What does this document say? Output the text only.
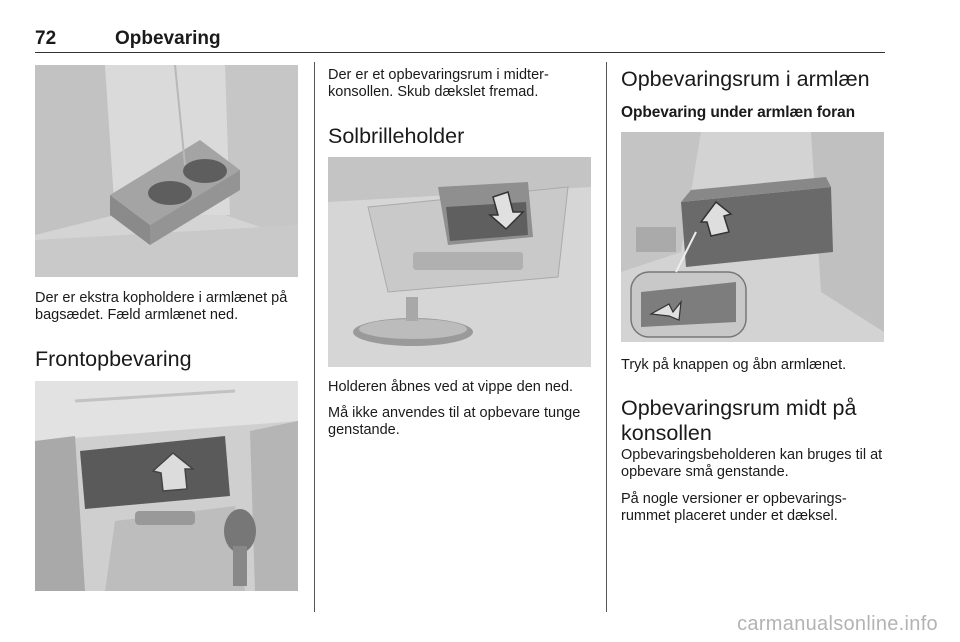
72	Opbevaring

Der er ekstra kopholdere i armlænet på bagsædet. Fæld armlænet ned.

Frontopbevaring

Der er et opbevaringsrum i midter-konsollen. Skub dækslet fremad.

Solbrilleholder

Holderen åbnes ved at vippe den ned.

Må ikke anvendes til at opbevare tunge genstande.

Opbevaringsrum i armlæn
Opbevaring under armlæn foran

Tryk på knappen og åbn armlænet.

Opbevaringsrum midt på konsollen

Opbevaringsbeholderen kan bruges til at opbevare små genstande.

På nogle versioner er opbevarings-rummet placeret under et dæksel.

carmanualsonline.info
